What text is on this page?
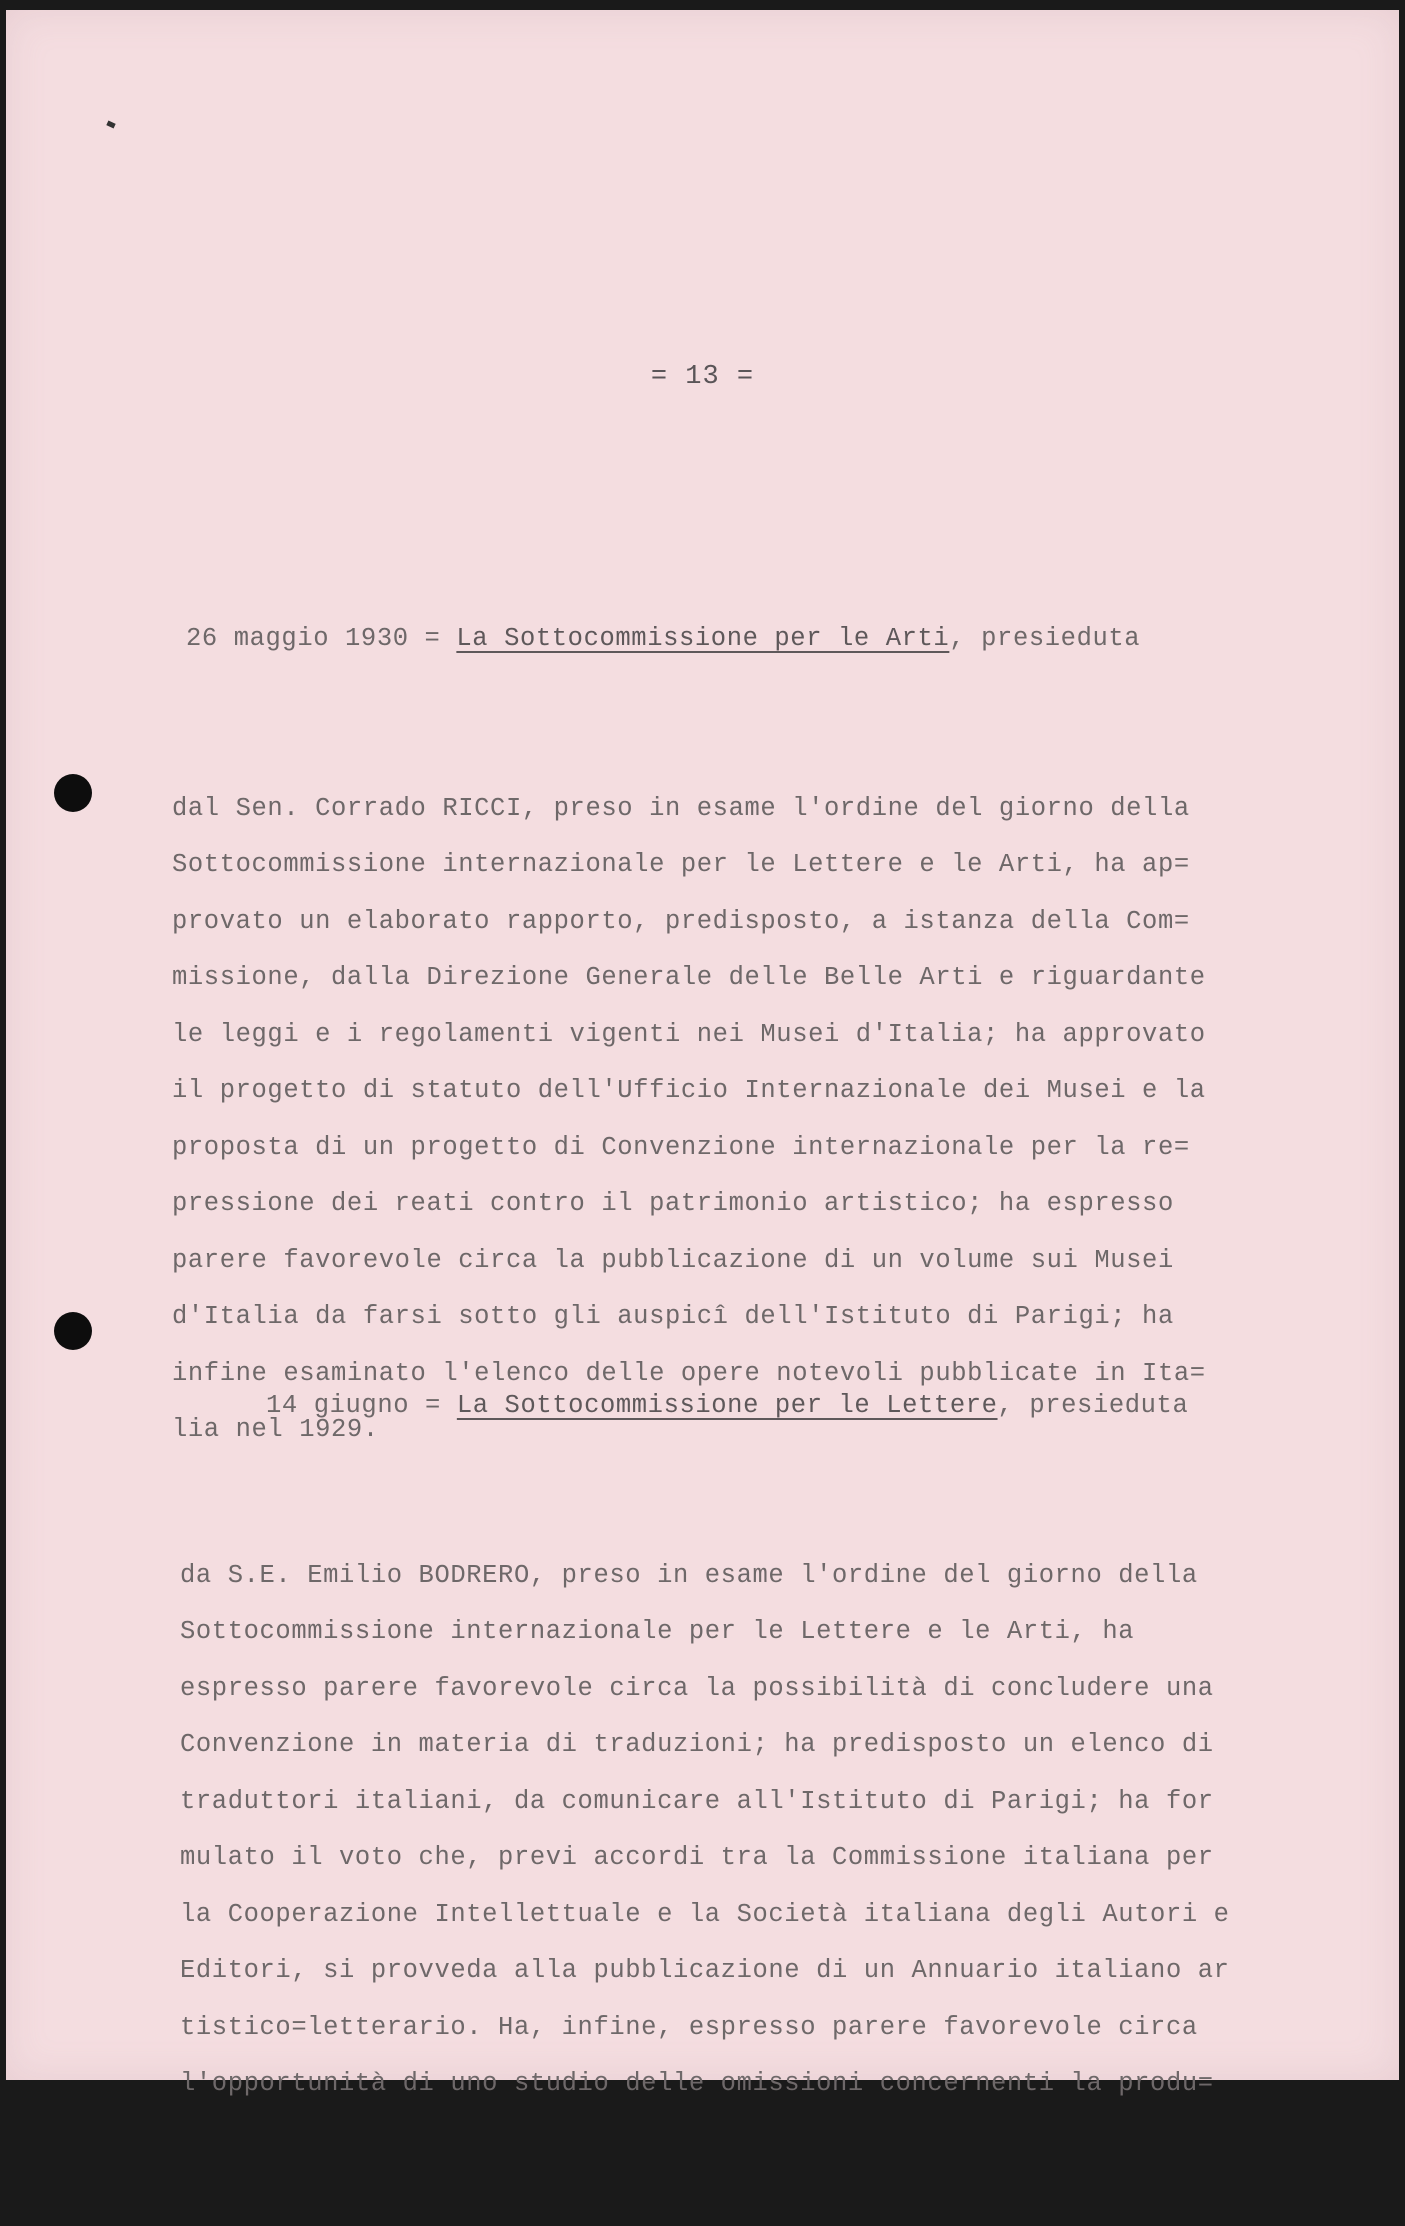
= 13 =

26 maggio 1930 = La Sottocommissione per le Arti, presieduta

dal Sen. Corrado RICCI, preso in esame l'ordine del giorno della
Sottocommissione internazionale per le Lettere e le Arti, ha ap=
provato un elaborato rapporto, predisposto, a istanza della Com=
missione, dalla Direzione Generale delle Belle Arti e riguardante
le leggi e i regolamenti vigenti nei Musei d'Italia; ha approvato
il progetto di statuto dell'Ufficio Internazionale dei Musei e la
proposta di un progetto di Convenzione internazionale per la re=
pressione dei reati contro il patrimonio artistico; ha espresso
parere favorevole circa la pubblicazione di un volume sui Musei
d'Italia da farsi sotto gli auspicî dell'Istituto di Parigi; ha
infine esaminato l'elenco delle opere notevoli pubblicate in Ita=
lia nel 1929.

14 giugno = La Sottocommissione per le Lettere, presieduta

da S.E. Emilio BODRERO, preso in esame l'ordine del giorno della
Sottocommissione internazionale per le Lettere e le Arti, ha
espresso parere favorevole circa la possibilità di concludere una
Convenzione in materia di traduzioni; ha predisposto un elenco di
traduttori italiani, da comunicare all'Istituto di Parigi; ha for
mulato il voto che, previ accordi tra la Commissione italiana per
la Cooperazione Intellettuale e la Società italiana degli Autori e
Editori, si provveda alla pubblicazione di un Annuario italiano ar
tistico=letterario. Ha, infine, espresso parere favorevole circa
l'opportunità di uno studio delle omissioni concernenti la produ=
